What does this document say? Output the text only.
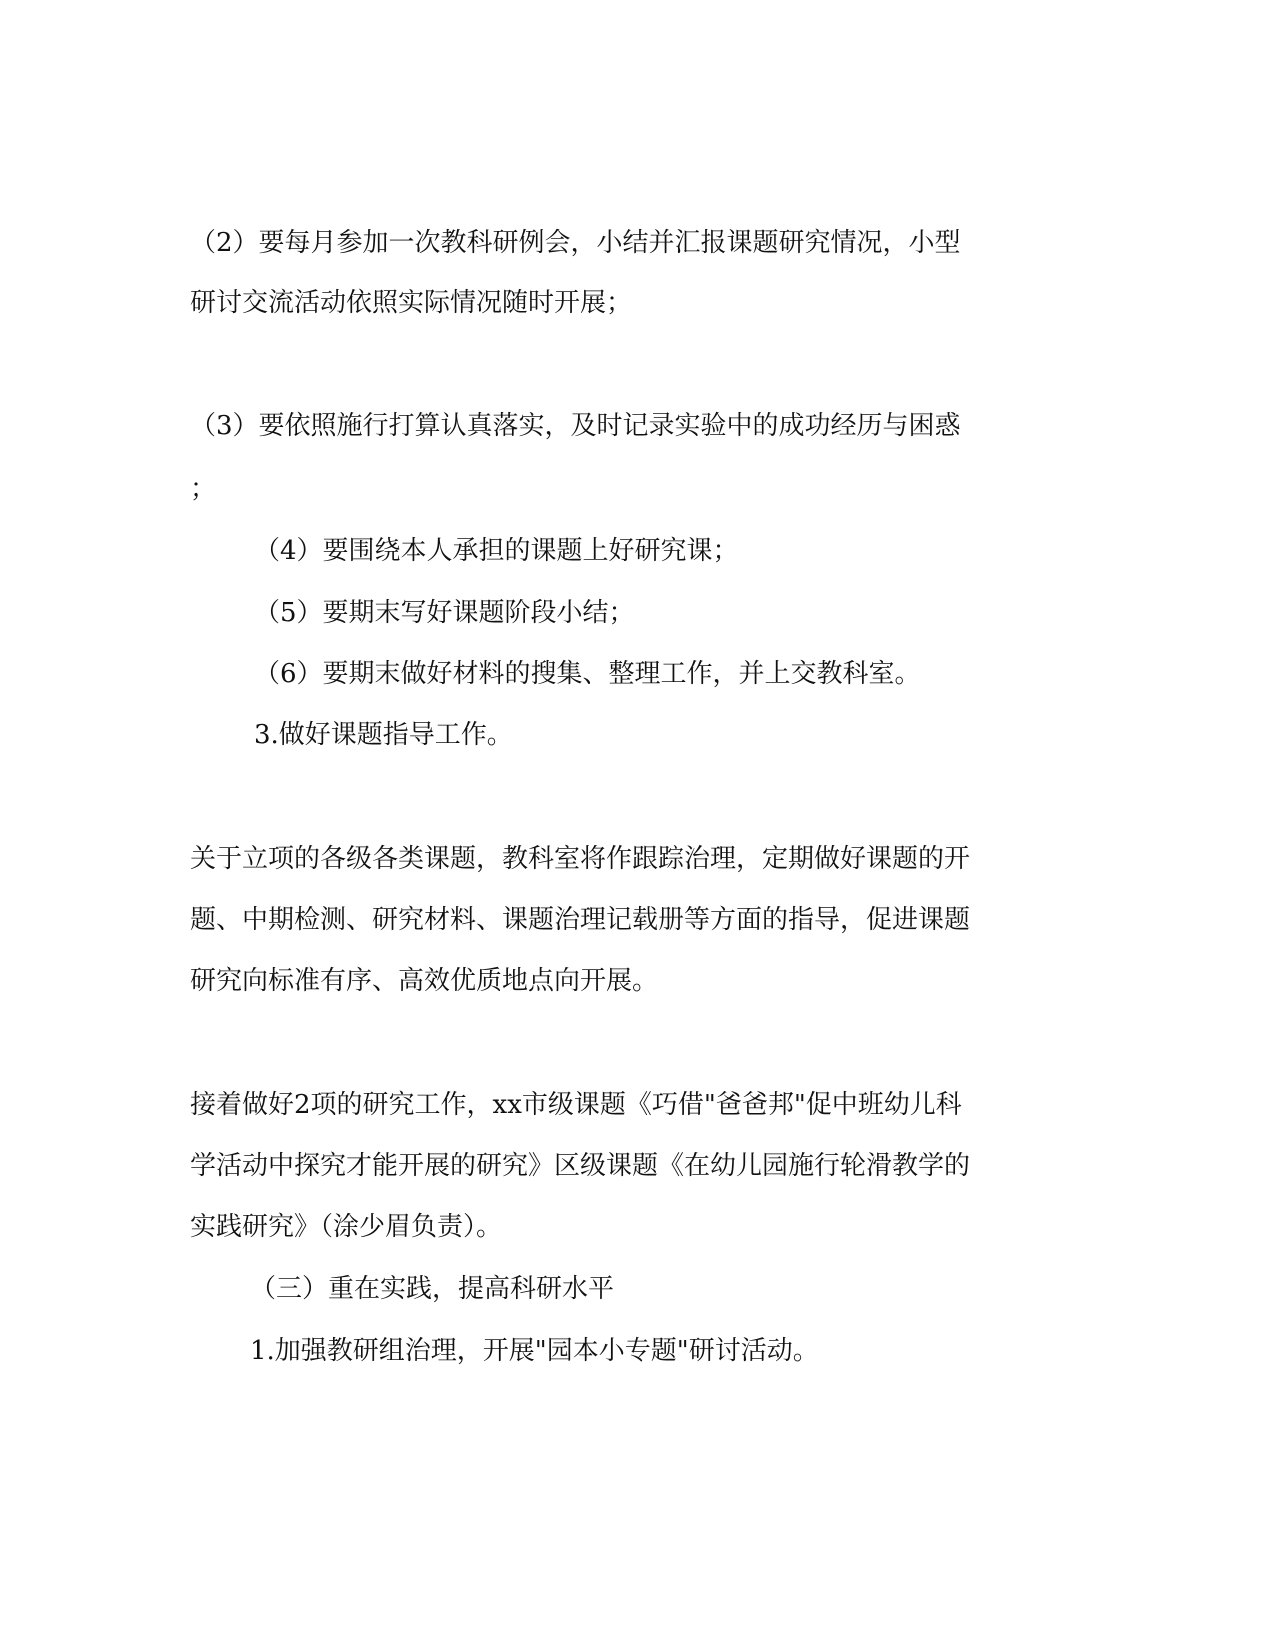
（2）要每月参加一次教科研例会，小结并汇报课题研究情况，小型
研讨交流活动依照实际情况随时开展；
（3）要依照施行打算认真落实，及时记录实验中的成功经历与困惑
；
（4）要围绕本人承担的课题上好研究课；
（5）要期末写好课题阶段小结；
（6）要期末做好材料的搜集、整理工作，并上交教科室。
3.做好课题指导工作。
关于立项的各级各类课题，教科室将作跟踪治理，定期做好课题的开
题、中期检测、研究材料、课题治理记载册等方面的指导，促进课题
研究向标准有序、高效优质地点向开展。
接着做好2项的研究工作，xx市级课题《巧借"爸爸邦"促中班幼儿科
学活动中探究才能开展的研究》区级课题《在幼儿园施行轮滑教学的
实践研究》（涂少眉负责）。
（三）重在实践，提高科研水平
1.加强教研组治理，开展"园本小专题"研讨活动。
